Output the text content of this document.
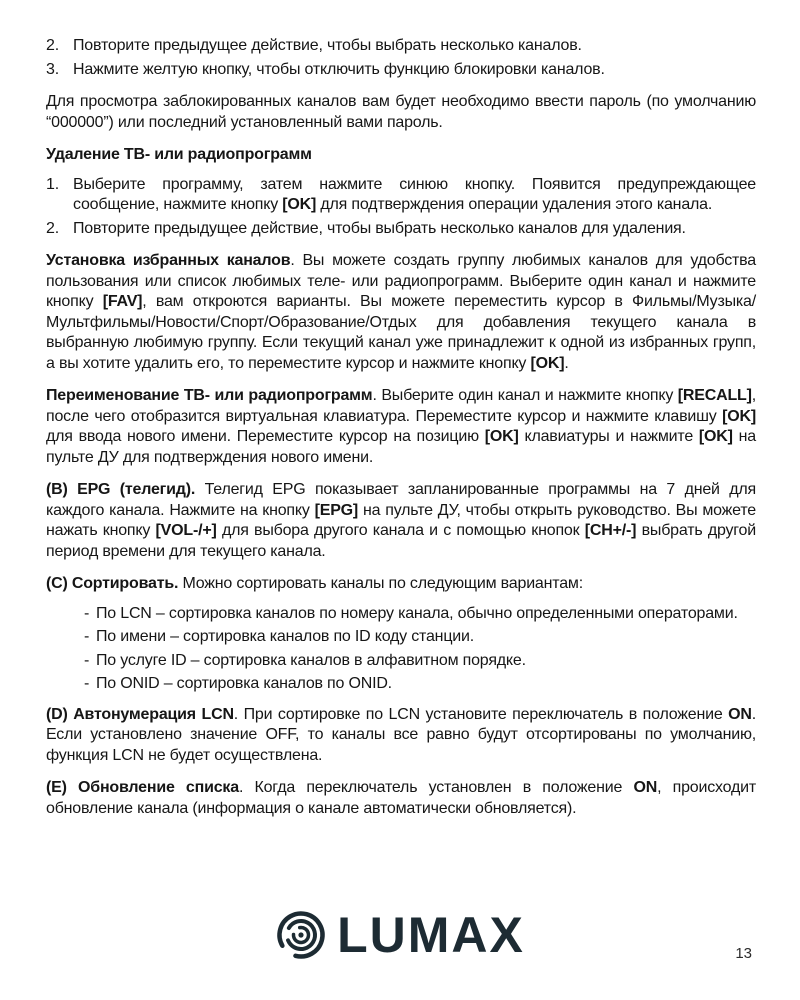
2. Повторите предыдущее действие, чтобы выбрать несколько каналов.
3. Нажмите желтую кнопку, чтобы отключить функцию блокировки каналов.

Для просмотра заблокированных каналов вам будет необходимо ввести пароль (по умолчанию “000000”) или последний установленный вами пароль.

Удаление ТВ- или радиопрограмм
1. Выберите программу, затем нажмите синюю кнопку. Появится предупреждающее сообщение, нажмите кнопку [OK] для подтверждения операции удаления этого канала.
2. Повторите предыдущее действие, чтобы выбрать несколько каналов для удаления.

Установка избранных каналов. Вы можете создать группу любимых каналов для удобства пользования или список любимых теле- или радиопрограмм. Выберите один канал и нажмите кнопку [FAV], вам откроются варианты. Вы можете переместить курсор в Фильмы/Музыка/Мультфильмы/Новости/Спорт/Образование/Отдых для добавления текущего канала в выбранную любимую группу. Если текущий канал уже принадлежит к одной из избранных групп, а вы хотите удалить его, то переместите курсор и нажмите кнопку [OK].

Переименование ТВ- или радиопрограмм. Выберите один канал и нажмите кнопку [RECALL], после чего отобразится виртуальная клавиатура. Переместите курсор и нажмите клавишу [OK] для ввода нового имени. Переместите курсор на позицию [OK] клавиатуры и нажмите [OK] на пульте ДУ для подтверждения нового имени.

(B) EPG (телегид). Телегид EPG показывает запланированные программы на 7 дней для каждого канала. Нажмите на кнопку [EPG] на пульте ДУ, чтобы открыть руководство. Вы можете нажать кнопку [VOL-/+] для выбора другого канала и с помощью кнопок [CH+/-] выбрать другой период времени для текущего канала.

(C) Сортировать. Можно сортировать каналы по следующим вариантам:

- По LCN – сортировка каналов по номеру канала, обычно определенными операторами.
- По имени – сортировка каналов по ID коду станции.
- По услуге ID – сортировка каналов в алфавитном порядке.
- По ONID – сортировка каналов по ONID.

(D) Автонумерация LCN. При сортировке по LCN установите переключатель в положение ON. Если установлено значение OFF, то каналы все равно будут отсортированы по умолчанию, функция LCN не будет осуществлена.

(E) Обновление списка. Когда переключатель установлен в положение ON, происходит обновление канала (информация о канале автоматически обновляется).

LUMAX	13
